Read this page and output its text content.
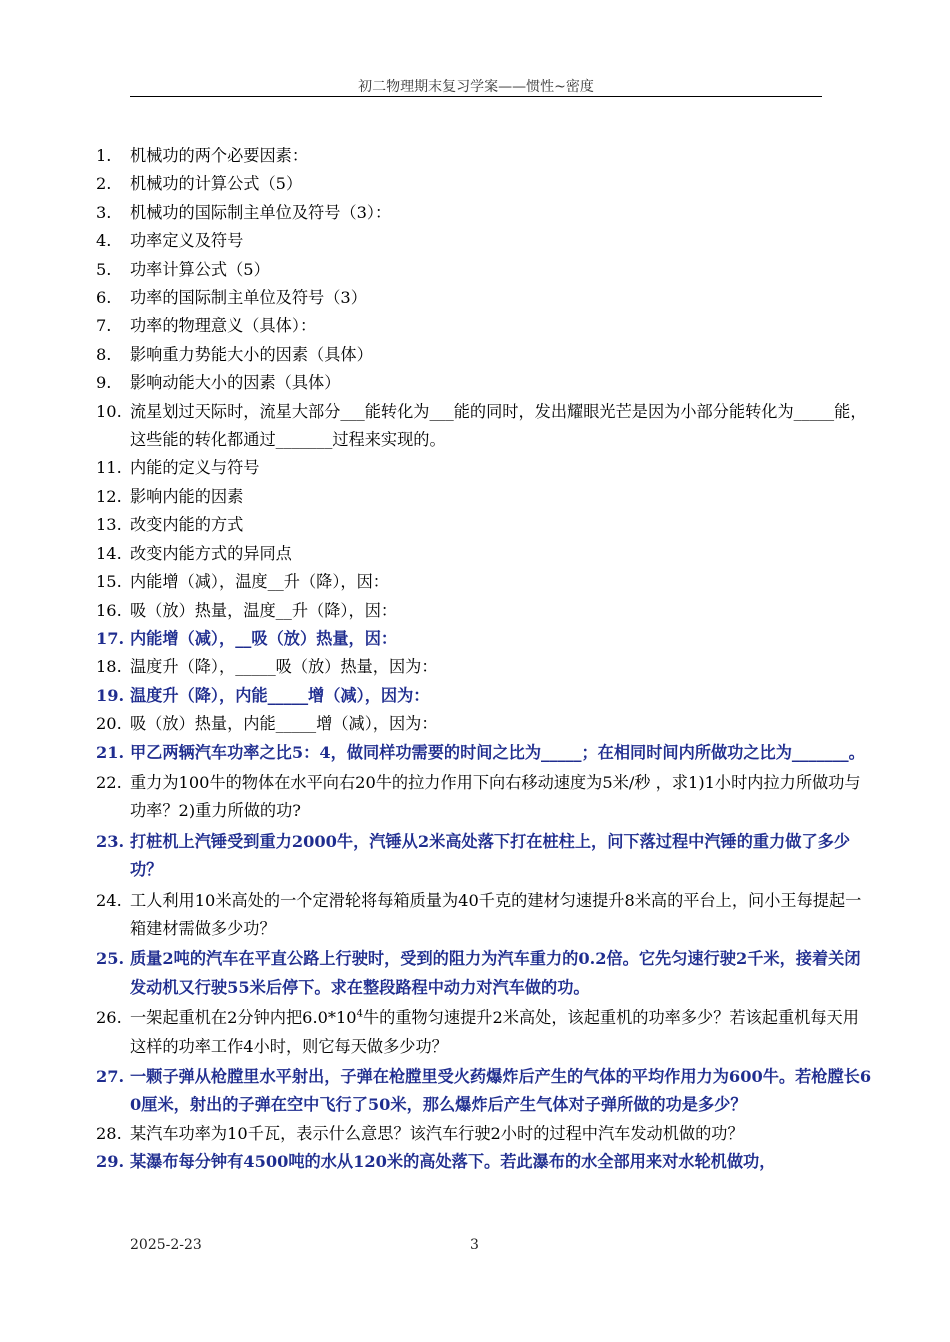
初二物理期末复习学案——惯性~密度
1.	机械功的两个必要因素：
2.	机械功的计算公式（5）
3.	机械功的国际制主单位及符号（3）：
4.	功率定义及符号
5.	功率计算公式（5）
6.	功率的国际制主单位及符号（3）
7.	功率的物理意义（具体）：
8.	影响重力势能大小的因素（具体）
9.	影响动能大小的因素（具体）
10. 流星划过天际时，流星大部分___能转化为___能的同时，发出耀眼光芒是因为小部分能转化为_____能，这些能的转化都通过_______过程来实现的。
11. 内能的定义与符号
12. 影响内能的因素
13. 改变内能的方式
14. 改变内能方式的异同点
15. 内能增（减），温度__升（降），因：
16. 吸（放）热量，温度__升（降），因：
17. 内能增（减），__吸（放）热量，因：
18. 温度升（降），_____吸（放）热量，因为：
19. 温度升（降），内能_____增（减），因为：
20. 吸（放）热量，内能_____增（减），因为：
21. 甲乙两辆汽车功率之比5：4，做同样功需要的时间之比为_____；在相同时间内所做功之比为_______。
22. 重力为100牛的物体在水平向右20牛的拉力作用下向右移动速度为5米/秒 ，求1)1小时内拉力所做功与功率？2)重力所做的功?
23. 打桩机上汽锤受到重力2000牛，汽锤从2米高处落下打在桩柱上，问下落过程中汽锤的重力做了多少功？
24. 工人利用10米高处的一个定滑轮将每箱质量为40千克的建材匀速提升8米高的平台上，问小王每提起一箱建材需做多少功？
25. 质量2吨的汽车在平直公路上行驶时，受到的阻力为汽车重力的0.2倍。它先匀速行驶2千米，接着关闭发动机又行驶55米后停下。求在整段路程中动力对汽车做的功。
26. 一架起重机在2分钟内把$6.0*10^4$牛的重物匀速提升2米高处，该起重机的功率多少？若该起重机每天用这样的功率工作4小时，则它每天做多少功？
27. 一颗子弹从枪膛里水平射出，子弹在枪膛里受火药爆炸后产生的气体的平均作用力为600牛。若枪膛长60厘米，射出的子弹在空中飞行了50米，那么爆炸后产生气体对子弹所做的功是多少？
28. 某汽车功率为10千瓦，表示什么意思？该汽车行驶2小时的过程中汽车发动机做的功？
29. 某瀑布每分钟有4500吨的水从120米的高处落下。若此瀑布的水全部用来对水轮机做功，
2025-2-23	3
